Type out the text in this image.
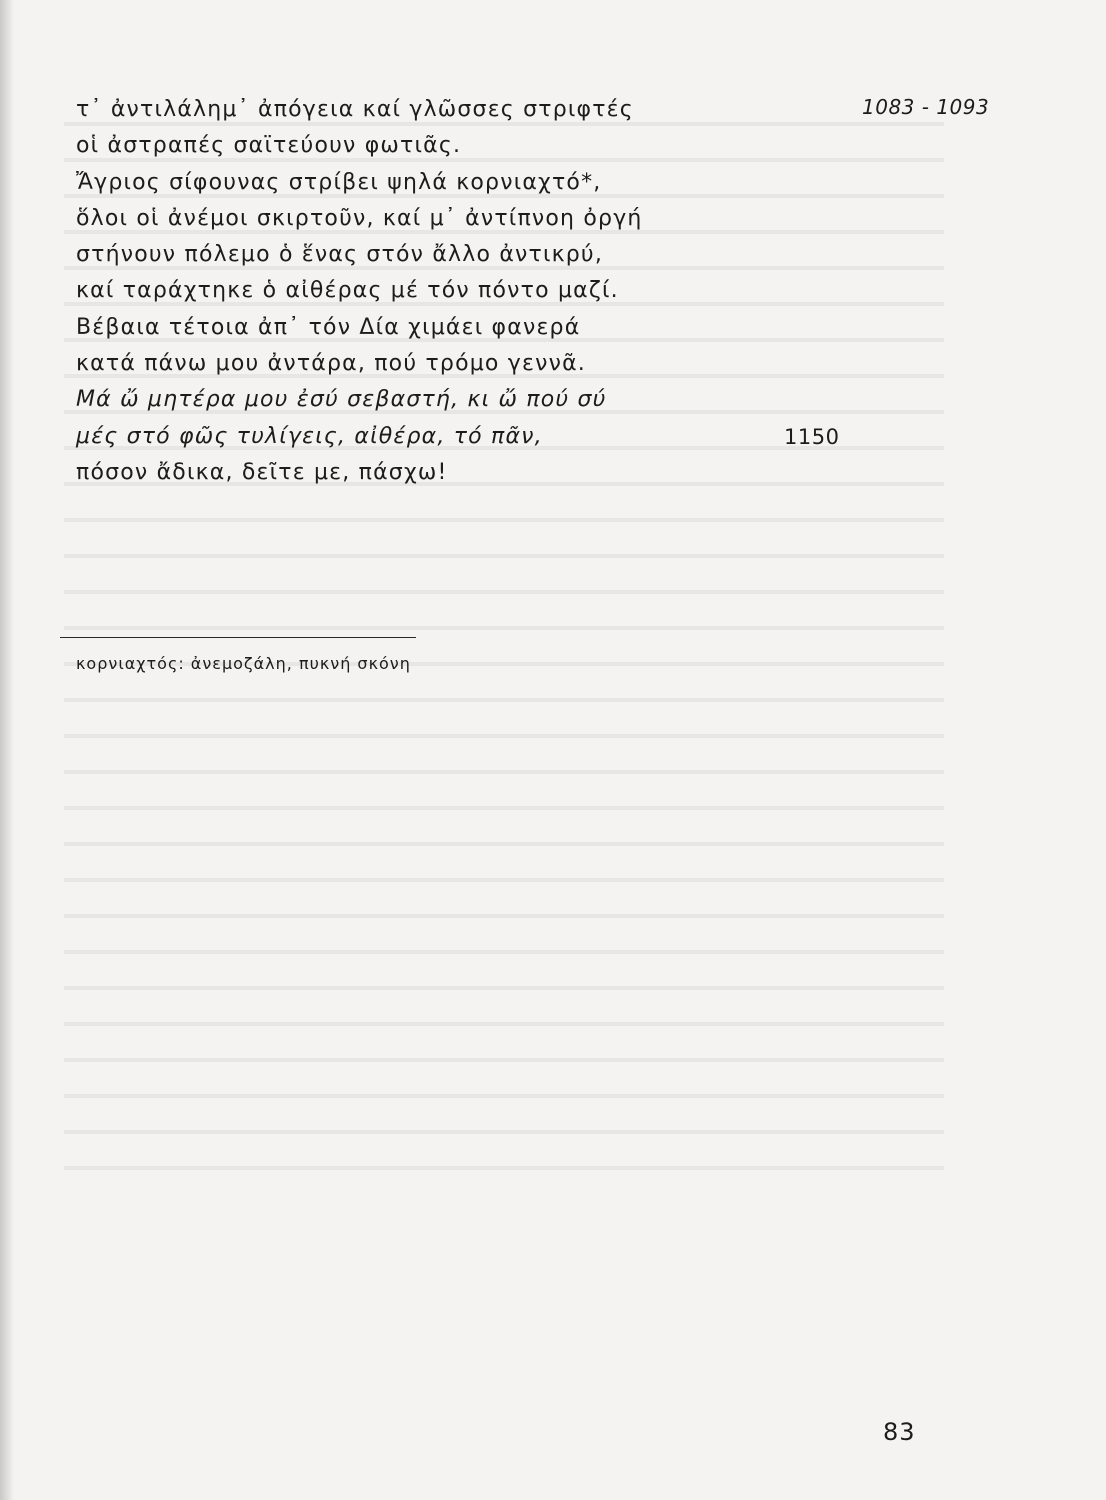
1083 - 1093
τ᾽ ἀντιλάλημ᾽ ἀπόγεια καί γλῶσσες στριφτές
οἱ ἀστραπές σαϊτεύουν φωτιᾶς.
Ἄγριος σίφουνας στρίβει ψηλά κορνιαχτό*,
ὅλοι οἱ ἀνέμοι σκιρτοῦν, καί μ᾽ ἀντίπνοη ὀργή
στήνουν πόλεμο ὁ ἕνας στόν ἄλλο ἀντικρύ,
καί ταράχτηκε ὁ αἰθέρας μέ τόν πόντο μαζί.
Βέβαια τέτοια ἀπ᾽ τόν Δία χιμάει φανερά
κατά πάνω μου ἀντάρα, πού τρόμο γεννᾶ.
Μά ὤ μητέρα μου ἐσύ σεβαστή, κι ὤ πού σύ
μές στό φῶς τυλίγεις, αἰθέρα, τό πᾶν,	1150
πόσον ἄδικα, δεῖτε με, πάσχω!
κορνιαχτός: ἀνεμοζάλη, πυκνή σκόνη
83
